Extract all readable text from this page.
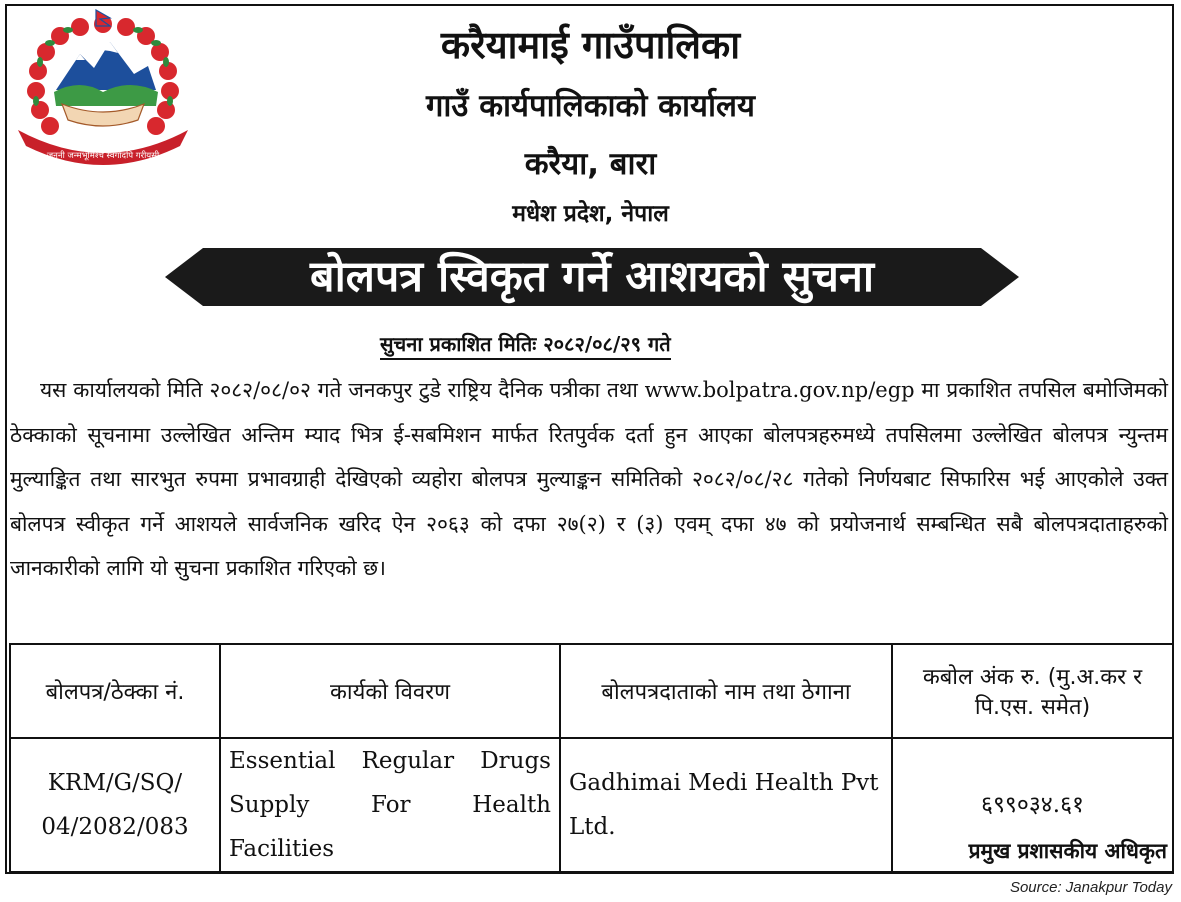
जननी जन्मभूमिश्च स्वर्गादपि गरीयसी
करैयामाई गाउँपालिका
गाउँ कार्यपालिकाको कार्यालय
करैया, बारा
मधेश प्रदेश, नेपाल
बोलपत्र स्विकृत गर्ने आशयको सुचना
सुचना प्रकाशित मितिः २०८२/०८/२९ गते
यस कार्यालयको मिति २०८२/०८/०२ गते जनकपुर टुडे राष्ट्रिय दैनिक पत्रीका तथा www.bolpatra.gov.np/egp मा प्रकाशित तपसिल बमोजिमको ठेक्काको सूचनामा उल्लेखित अन्तिम म्याद भित्र ई-सबमिशन मार्फत रितपुर्वक दर्ता हुन आएका बोलपत्रहरुमध्ये तपसिलमा उल्लेखित बोलपत्र न्युन्तम मुल्याङ्कित तथा सारभुत रुपमा प्रभावग्राही देखिएको व्यहोरा बोलपत्र मुल्याङ्कन समितिको २०८२/०८/२८ गतेको निर्णयबाट सिफारिस भई आएकोले उक्त बोलपत्र स्वीकृत गर्ने आशयले सार्वजनिक खरिद ऐन २०६३ को दफा २७(२) र (३) एवम् दफा ४७ को प्रयोजनार्थ सम्बन्धित सबै बोलपत्रदाताहरुको जानकारीको लागि यो सुचना प्रकाशित गरिएको छ।
बोलपत्र/ठेक्का नं.	कार्यको विवरण	बोलपत्रदाताको नाम तथा ठेगाना	कबोल अंक रु. (मु.अ.कर र पि.एस. समेत)
KRM/G/SQ/ 04/2082/083	Essential Regular Drugs Supply For Health Facilities	Gadhimai Medi Health Pvt Ltd.	६९९०३४.६१
प्रमुख प्रशासकीय अधिकृत
Source: Janakpur Today
